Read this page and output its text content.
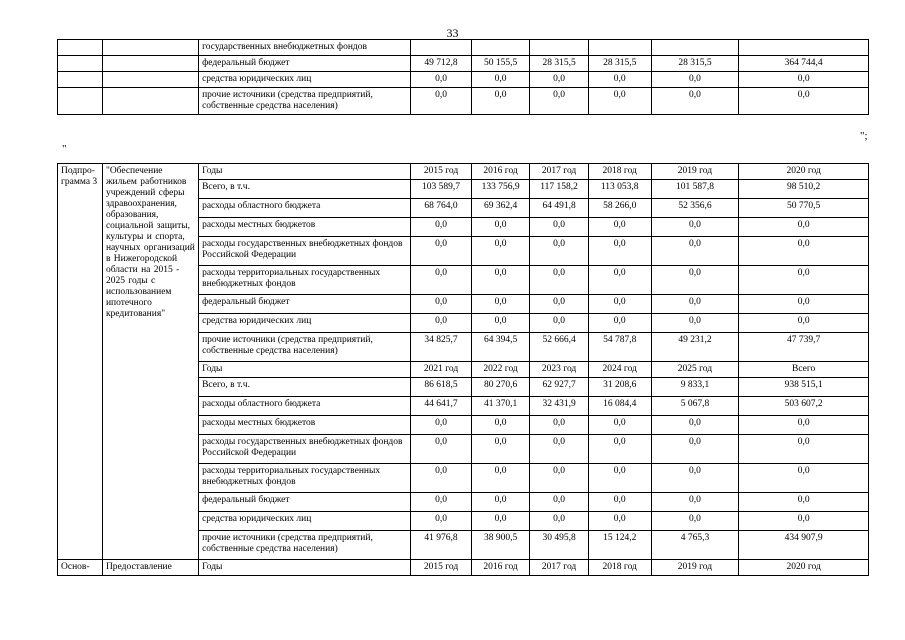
33
		государственных внебюджетных фондов						
		федеральный бюджет	49 712,8	50 155,5	28 315,5	28 315,5	28 315,5	364 744,4
		средства юридических лиц	0,0	0,0	0,0	0,0	0,0	0,0
		прочие источники (средства предприятий, собственные средства населения)	0,0	0,0	0,0	0,0	0,0	0,0
";
"
Подпро-грамма 3	"Обеспечение жильем работников учреждений сферы здравоохранения, образования, социальной защиты, культуры и спорта, научных организаций в Нижегородской области на 2015 - 2025 годы с использованием ипотечного кредитования"	Годы	2015 год	2016 год	2017 год	2018 год	2019 год	2020 год
		Всего, в т.ч.	103 589,7	133 756,9	117 158,2	113 053,8	101 587,8	98 510,2
		расходы областного бюджета	68 764,0	69 362,4	64 491,8	58 266,0	52 356,6	50 770,5
		расходы местных бюджетов	0,0	0,0	0,0	0,0	0,0	0,0
		расходы государственных внебюджетных фондов Российской Федерации	0,0	0,0	0,0	0,0	0,0	0,0
		расходы территориальных государственных внебюджетных фондов	0,0	0,0	0,0	0,0	0,0	0,0
		федеральный бюджет	0,0	0,0	0,0	0,0	0,0	0,0
		средства юридических лиц	0,0	0,0	0,0	0,0	0,0	0,0
		прочие источники (средства предприятий, собственные средства населения)	34 825,7	64 394,5	52 666,4	54 787,8	49 231,2	47 739,7
		Годы	2021 год	2022 год	2023 год	2024 год	2025 год	Всего
		Всего, в т.ч.	86 618,5	80 270,6	62 927,7	31 208,6	9 833,1	938 515,1
		расходы областного бюджета	44 641,7	41 370,1	32 431,9	16 084,4	5 067,8	503 607,2
		расходы местных бюджетов	0,0	0,0	0,0	0,0	0,0	0,0
		расходы государственных внебюджетных фондов Российской Федерации	0,0	0,0	0,0	0,0	0,0	0,0
		расходы территориальных государственных внебюджетных фондов	0,0	0,0	0,0	0,0	0,0	0,0
		федеральный бюджет	0,0	0,0	0,0	0,0	0,0	0,0
		средства юридических лиц	0,0	0,0	0,0	0,0	0,0	0,0
		прочие источники (средства предприятий, собственные средства населения)	41 976,8	38 900,5	30 495,8	15 124,2	4 765,3	434 907,9
Основ-	Предоставление	Годы	2015 год	2016 год	2017 год	2018 год	2019 год	2020 год
